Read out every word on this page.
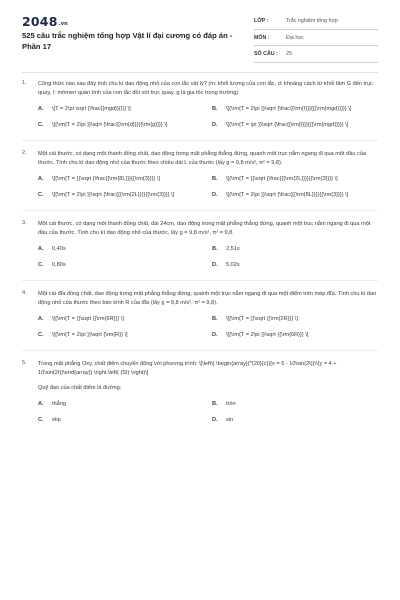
2048.vn
525 câu trắc nghiệm tổng hợp Vật lí đại cương có đáp án - Phần 17
LỚP :	Trắc nghiệm tổng hợp
MÔN :	Đại học
SỐ CÂU : 25
1. Công thức nào sau đây tính chu kì dao động nhỏ của con lắc vật lý? (m: khối lượng của con lắc, d: khoảng cách từ khối tâm G đến trục quay, I: mômen quán tính của con lắc đối với trục quay, g là gia tốc trọng trường).
A.	\[T = 2\pi \sqrt {\frac{{mgd}}{I}} \]	B.	\[{\rm{T = 2\pi }}\sqrt {\frac{{\rm{I}}}{{{\rm{mgd}}}}} \]
C.	\[{\rm{T = 2\pi }}\sqrt {\frac{{\rm{d}}}{{\rm{g}}}} \]	D.	\[{\rm{T = \pi }}\sqrt {\frac{{\rm{I}}}{{{\rm{mgd}}}}} \]
2. Một cái thước, có dạng một thanh đồng chất, dao động trong mặt phẳng thẳng đứng, quanh một trục nằm ngang đi qua một đầu của thước. Tính chu kì dao động nhỏ của thước theo chiều dài L của thước (lấy g = 9,8 m/s², π² = 9,8).
A.	\[{\rm{T = }}\sqrt {\frac{{\rm{8L}}}{{\rm{3}}}} \]	B.	\[{\rm{T = }}\sqrt {\frac{{{\rm{2L}}}}{{\rm{3}}}} \]
C.	\[{\rm{T = 2\pi }}\sqrt {\frac{{{\rm{2L}}}}{{\rm{3}}}} \]	D.	\[{\rm{T = 2\pi }}\sqrt {\frac{{{\rm{8L}}}}{{\rm{3}}}} \]
3. Một cái thước, có dạng một thanh đồng chất, dài 24cm, dao động trong mặt phẳng thẳng đứng, quanh một trục nằm ngang đi qua một đầu của thước. Tính chu kì dao động nhỏ của thước, lấy g = 9,8 m/s², π² = 9,8.
A.	0,40s	B.	2,51s
C.	0,80s	D.	5,02s
4. Một cái đĩa đồng chất, dao động trong mặt phẳng thẳng đứng, quanh một trục nằm ngang đi qua một điểm trên mép đĩa. Tính chu kì dao động nhỏ của thước theo bán kính R của đĩa (lấy g = 9,8 m/s², π² = 9,8).
A.	\[{\rm{T = }}\sqrt {{\rm{6R}}} \]	B.	\[{\rm{T = }}\sqrt {{\rm{2R}}} \]
C.	\[{\rm{T = 2\pi }}\sqrt {\rm{R}} \]	D.	\[{\rm{T = 2\pi }}\sqrt {{\rm{6R}}} \]
5. Trong mặt phẳng Oxy, chất điểm chuyển động với phương trình: \[\left\{ \begin{array}{*{20}{c}}{x = 5 - 10\sin(2t)}\\{y = 4 + 10\sin(2t)}\end{array}} \right.\left( {SI} \right)\]
Quỹ đạo của chất điểm là đường:
A.	thẳng	B.	tròn
C.	elip	D.	sin
